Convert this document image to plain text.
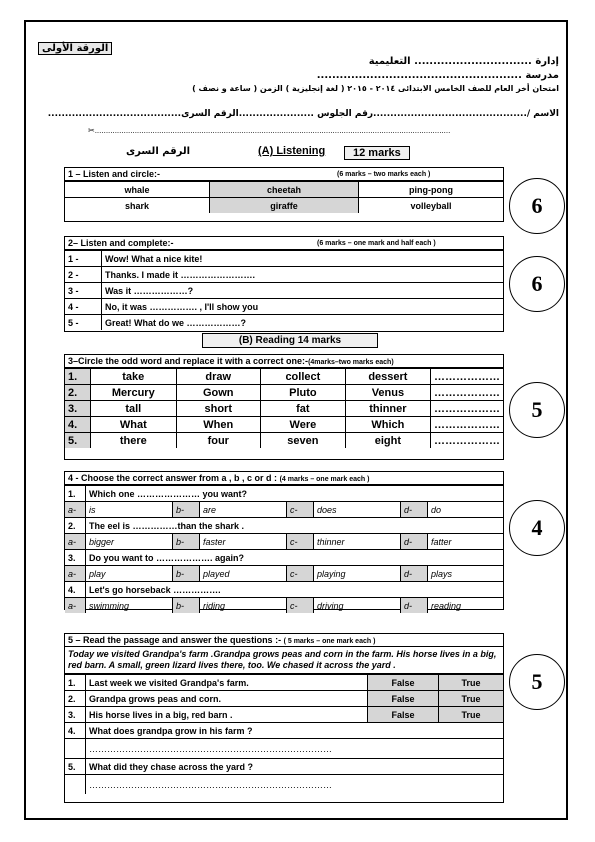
الورقة الأولى
إدارة ............................... التعليمية
مدرسة ......................................................
امتحان أخر العام للصف الخامس الابتدائى ٢٠١٤ - ٢٠١٥ ( لغة إنجليزية ) الزمن ( ساعة و نصف )
الاسم /.............................................رقم الجلوس ......................الرقم السرى.......................................
✂................................................................................................................................................................
الرقم السرى	(A) Listening	12 marks
1 – Listen and circle:-	(6 marks – two marks each )
whale	cheetah	ping-pong
shark	giraffe	volleyball	6
2– Listen and complete:-	(6 marks – one mark and half each )
1 -	Wow! What a nice kite!
2 -	Thanks. I made it …………………….
3 -	Was it ………………?
4 -	No, it was ……………. , I'll show you
5 -	Great! What do we ………………?
6
(B) Reading 14 marks
3–Circle the odd word and replace it with a correct one:-(4marks–two marks each)
1.	take	draw	collect	dessert	………………
2.	Mercury	Gown	Pluto	Venus	………………
3.	tall	short	fat	thinner	………………
4.	What	When	Were	Which	………………
5.	there	four	seven	eight	………………
5
4 - Choose the correct answer from a , b , c or d : (4 marks – one mark each )
1.	Which one ………………… you want?						
a-	is	b-	are	c-	does	d-	do
2.	The eel is ……………than the shark .						
a-	bigger	b-	faster	c-	thinner	d-	fatter
3.	Do you want to ………………. again?						
a-	play	b-	played	c-	playing	d-	plays
4.	Let's go horseback …………….						
a-	swimming	b-	riding	c-	driving	d-	reading
4
5 – Read the passage and answer the questions :- ( 5 marks – one mark each )
Today we visited Grandpa's farm .Grandpa grows peas and corn in the farm. His horse lives in a big, red barn. A small, green lizard lives there, too. We chased it across the yard .
1.	Last week we visited Grandpa's farm.	False	True
2.	Grandpa grows peas and corn.	False	True
3.	His horse lives in a big, red barn .	False	True
4.	What does grandpa grow in his farm ?		
	………………………………………………………………………		
5.	What did they chase across the yard ?		
	………………………………………………………………………		
5
